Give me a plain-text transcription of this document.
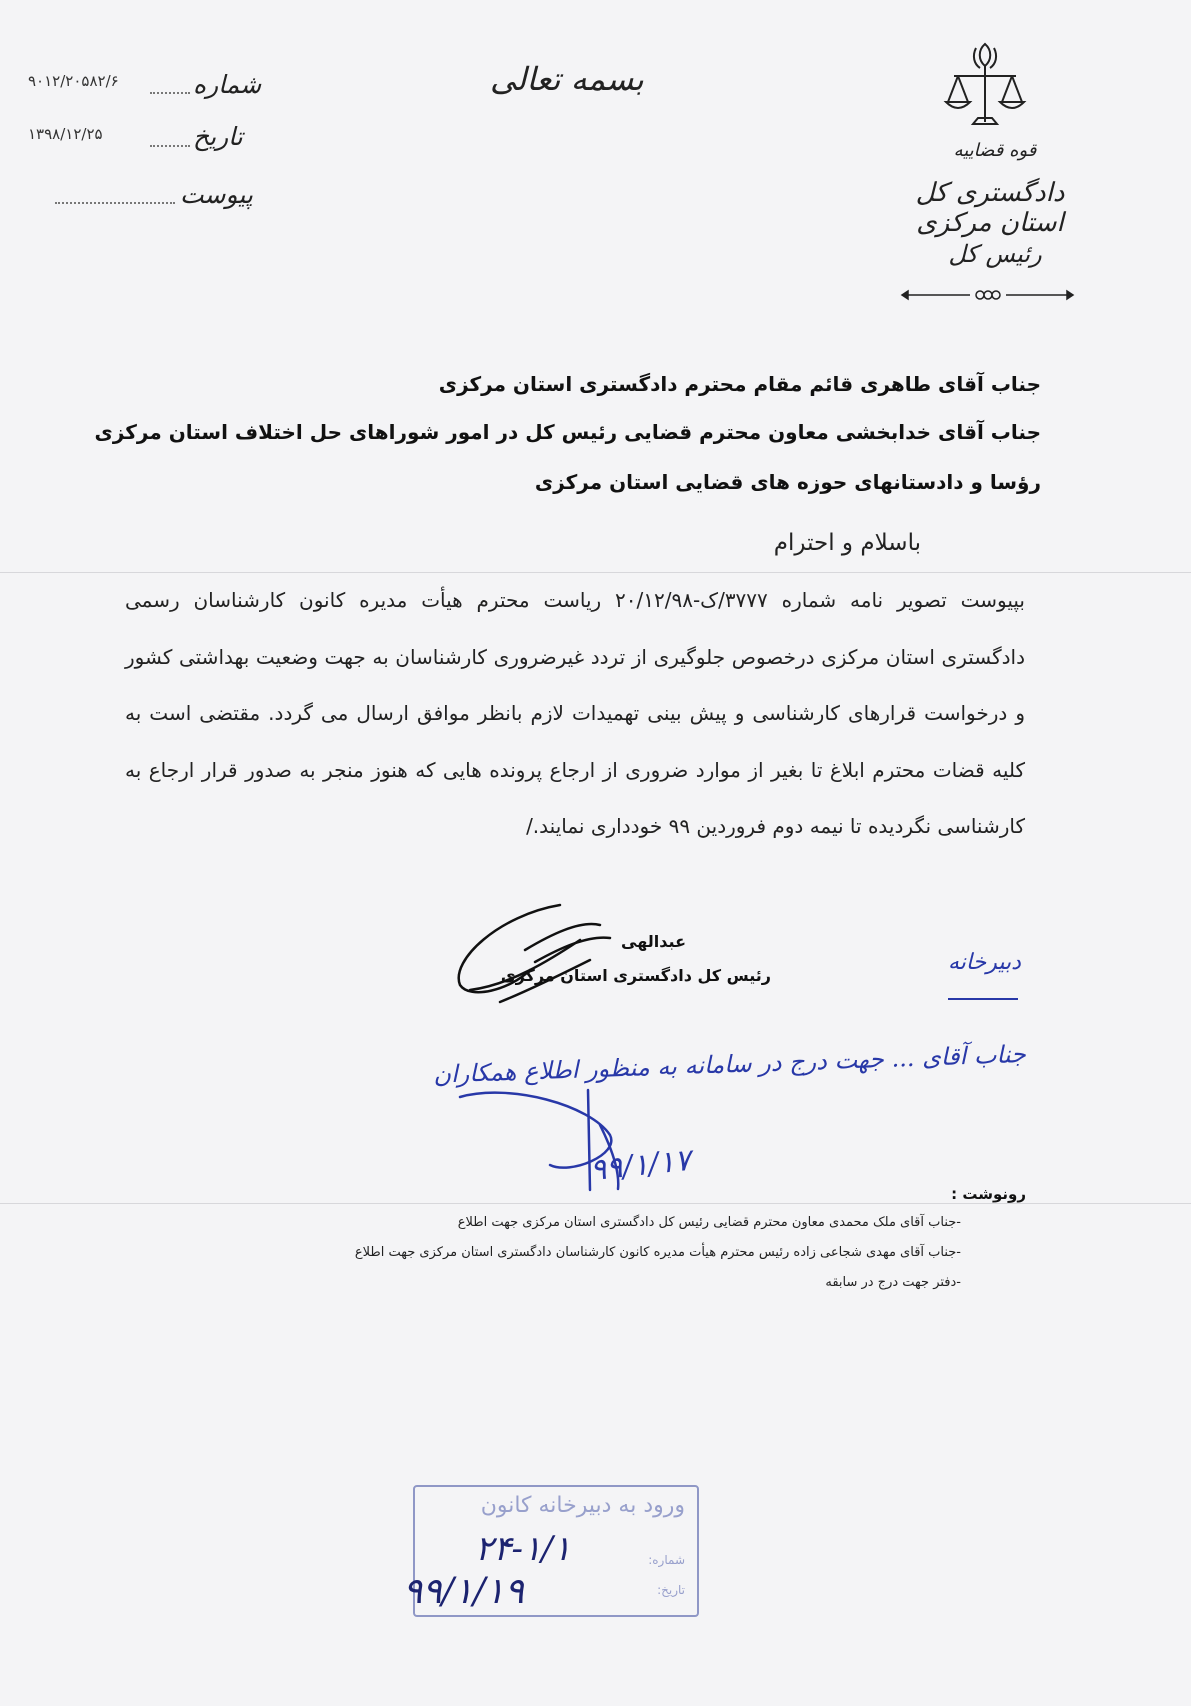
۹۰۱۲/۲۰۵۸۲/۶	شماره
۱۳۹۸/۱۲/۲۵	تاریخ
پیوست
بسمه تعالی
قوه قضاییه
دادگستری کل استان مرکزی
رئیس کل
جناب آقای طاهری قائم مقام محترم دادگستری استان مرکزی
جناب آقای خدابخشی معاون محترم قضایی رئیس کل در امور شوراهای حل اختلاف استان مرکزی
رؤسا و دادستانهای حوزه های قضایی استان مرکزی
باسلام و احترام
بپیوست تصویر نامه شماره ۳۷۷۷/ک-۲۰/۱۲/۹۸ ریاست محترم هیأت مدیره کانون کارشناسان رسمی دادگستری استان مرکزی درخصوص جلوگیری از تردد غیرضروری کارشناسان به جهت وضعیت بهداشتی کشور و درخواست قرارهای کارشناسی و پیش بینی تهمیدات لازم بانظر موافق ارسال می گردد. مقتضی است به کلیه قضات محترم ابلاغ تا بغیر از موارد ضروری از ارجاع پرونده هایی که هنوز منجر به صدور قرار ارجاع به کارشناسی نگردیده تا نیمه دوم فروردین ۹۹ خودداری نمایند./
عبدالهی
رئیس کل دادگستری استان مرکزی
دبیرخانه
جناب آقای ... جهت درج در سامانه به منظور اطلاع همکاران
۹۹/۱/۱۷
رونوشت :
-جناب آقای ملک محمدی معاون محترم قضایی رئیس کل دادگستری استان مرکزی جهت اطلاع
-جناب آقای مهدی شجاعی زاده رئیس محترم هیأت مدیره کانون کارشناسان دادگستری استان مرکزی جهت اطلاع
-دفتر جهت درج در سابقه
ورود به دبیرخانه کانون
شماره:
تاریخ:
۲۴-۱/۱
۹۹/۱/۱۹
